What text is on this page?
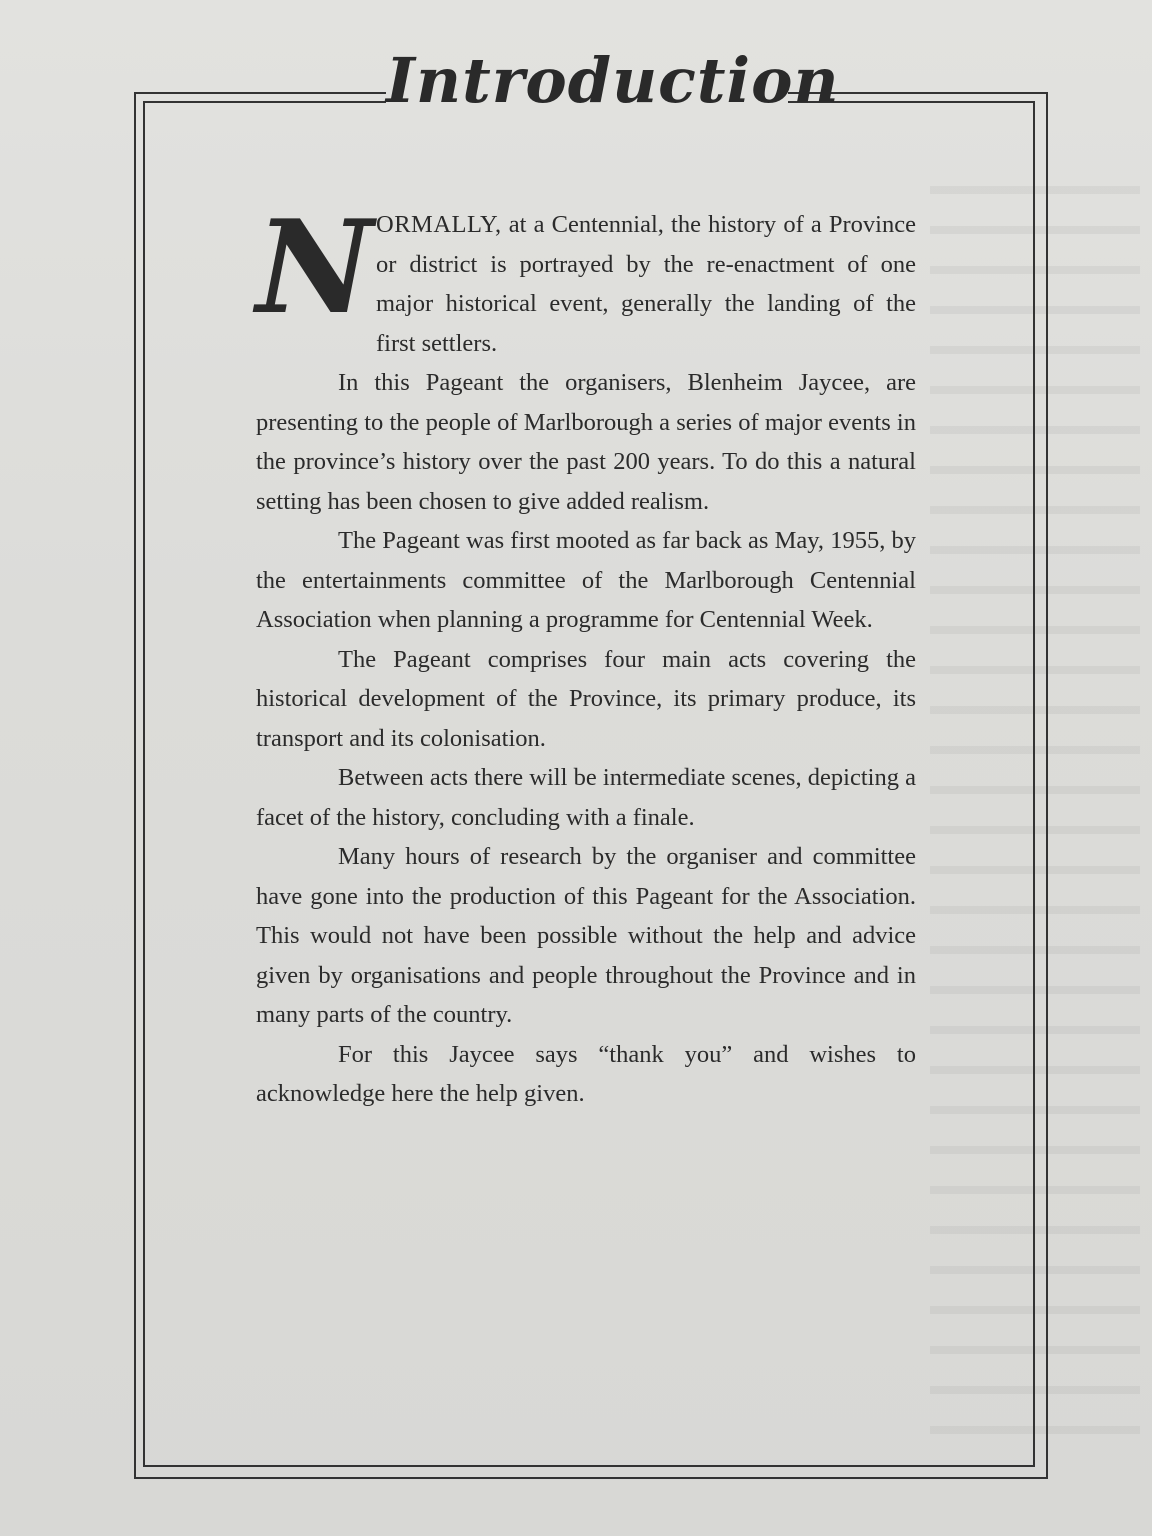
Introduction
N ORMALLY, at a Centennial, the history of a Province or district is portrayed by the re-enactment of one major historical event, generally the landing of the first settlers.

In this Pageant the organisers, Blenheim Jaycee, are presenting to the people of Marlborough a series of major events in the province’s history over the past 200 years. To do this a natural setting has been chosen to give added realism.

The Pageant was first mooted as far back as May, 1955, by the entertainments committee of the Marlborough Centennial Association when planning a programme for Centennial Week.

The Pageant comprises four main acts covering the historical development of the Province, its primary produce, its transport and its colonisation.

Between acts there will be intermediate scenes, depicting a facet of the history, concluding with a finale.

Many hours of research by the organiser and committee have gone into the production of this Pageant for the Association. This would not have been possible without the help and advice given by organisations and people throughout the Province and in many parts of the country.

For this Jaycee says “thank you” and wishes to acknowledge here the help given.
